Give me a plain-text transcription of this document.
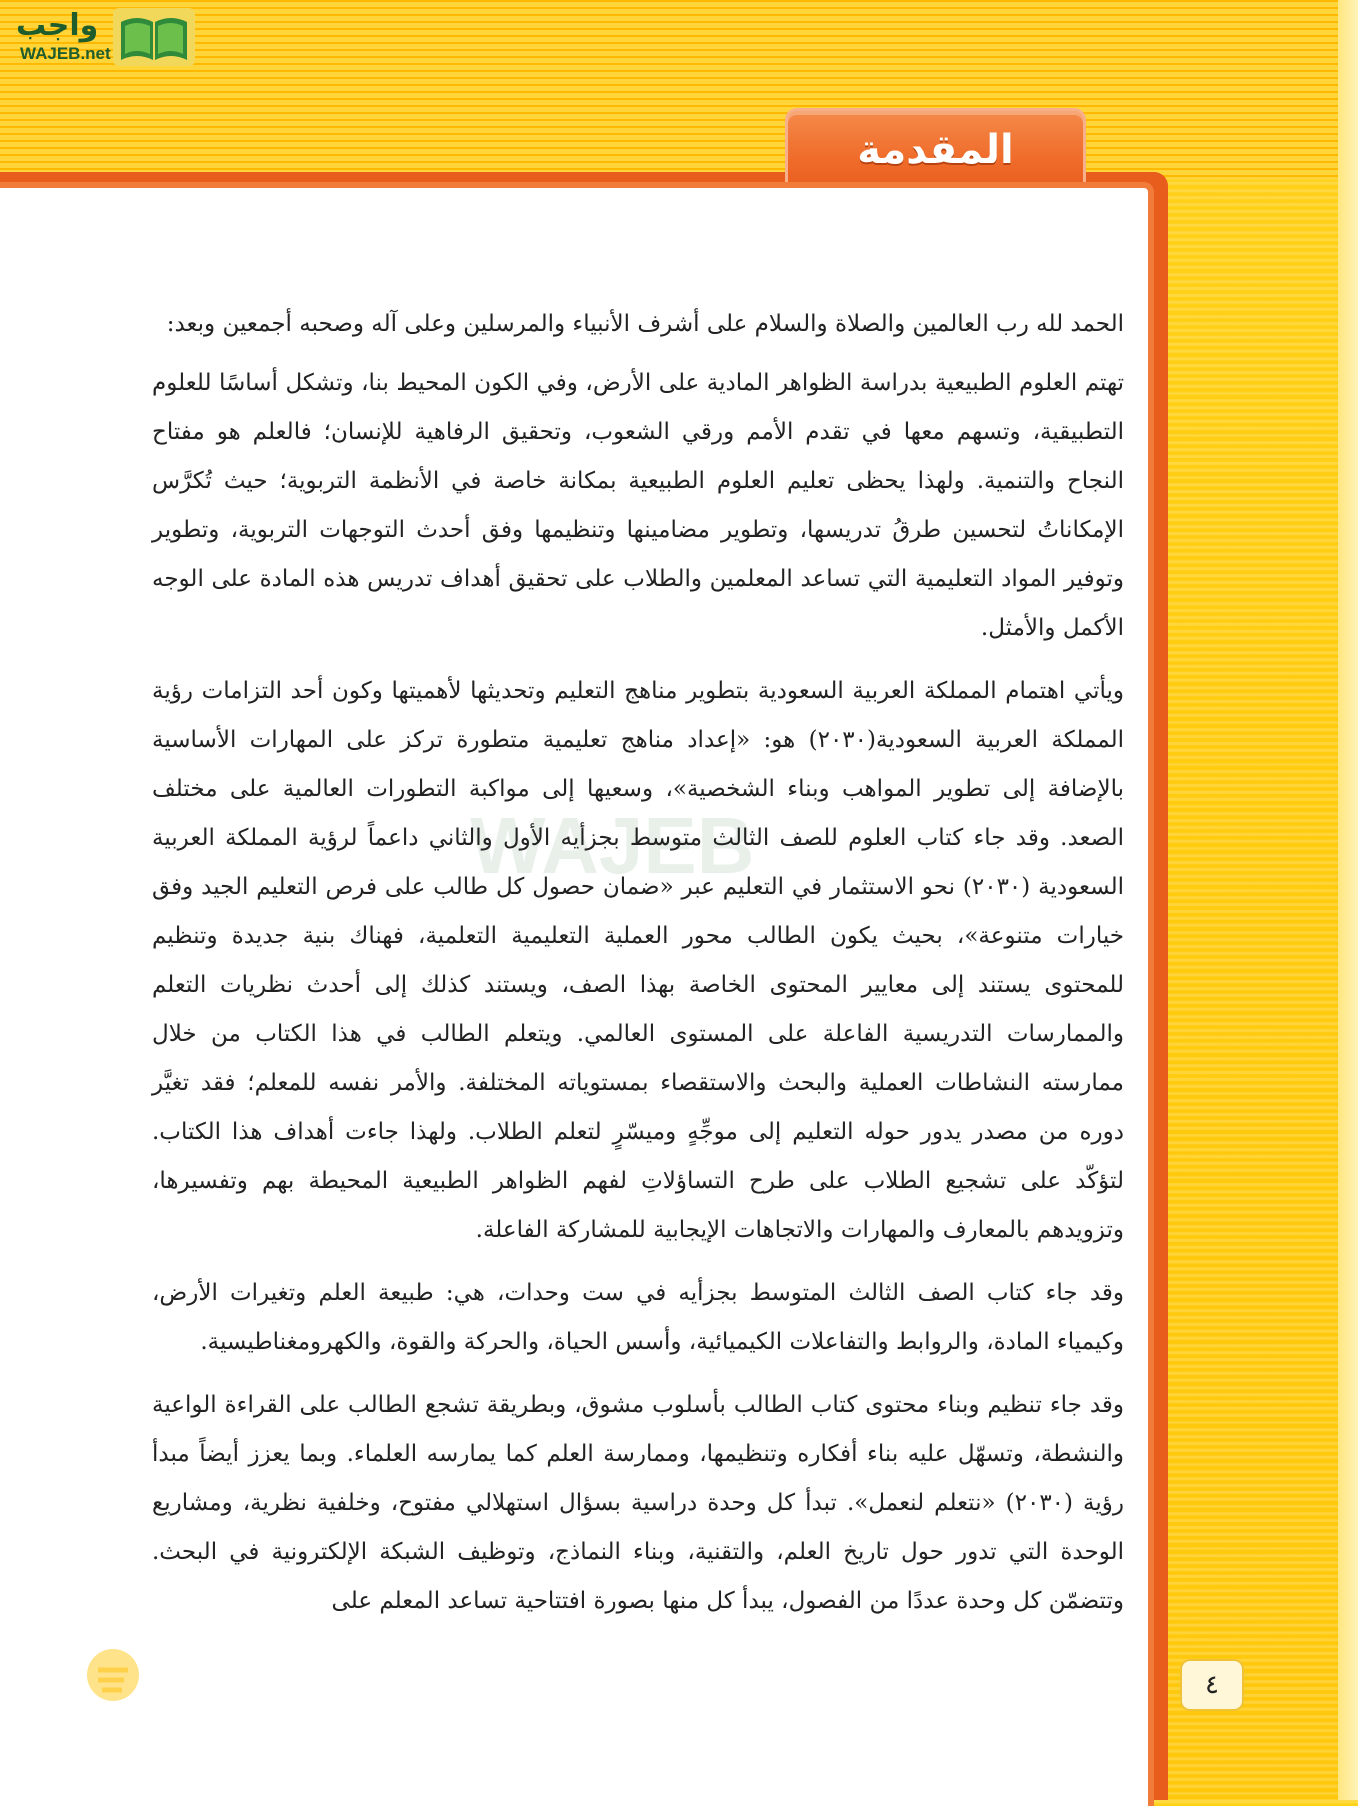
واجب
WAJEB.net
المقدمة

الحمد لله رب العالمين والصلاة والسلام على أشرف الأنبياء والمرسلين وعلى آله وصحبه أجمعين وبعد:

تهتم العلوم الطبيعية بدراسة الظواهر المادية على الأرض، وفي الكون المحيط بنا، وتشكل أساسًا للعلوم التطبيقية، وتسهم معها في تقدم الأمم ورقي الشعوب، وتحقيق الرفاهية للإنسان؛ فالعلم هو مفتاح النجاح والتنمية. ولهذا يحظى تعليم العلوم الطبيعية بمكانة خاصة في الأنظمة التربوية؛ حيث تُكرَّس الإمكاناتُ لتحسين طرقُ تدريسها، وتطوير مضامينها وتنظيمها وفق أحدث التوجهات التربوية، وتطوير وتوفير المواد التعليمية التي تساعد المعلمين والطلاب على تحقيق أهداف تدريس هذه المادة على الوجه الأكمل والأمثل.

ويأتي اهتمام المملكة العربية السعودية بتطوير مناهج التعليم وتحديثها لأهميتها وكون أحد التزامات رؤية المملكة العربية السعودية(٢٠٣٠) هو: «إعداد مناهج تعليمية متطورة تركز على المهارات الأساسية بالإضافة إلى تطوير المواهب وبناء الشخصية»، وسعيها إلى مواكبة التطورات العالمية على مختلف الصعد. وقد جاء كتاب العلوم للصف الثالث متوسط بجزأيه الأول والثاني داعماً لرؤية المملكة العربية السعودية (٢٠٣٠) نحو الاستثمار في التعليم عبر «ضمان حصول كل طالب على فرص التعليم الجيد وفق خيارات متنوعة»، بحيث يكون الطالب محور العملية التعليمية التعلمية، فهناك بنية جديدة وتنظيم للمحتوى يستند إلى معايير المحتوى الخاصة بهذا الصف، ويستند كذلك إلى أحدث نظريات التعلم والممارسات التدريسية الفاعلة على المستوى العالمي. ويتعلم الطالب في هذا الكتاب من خلال ممارسته النشاطات العملية والبحث والاستقصاء بمستوياته المختلفة. والأمر نفسه للمعلم؛ فقد تغيَّر دوره من مصدر يدور حوله التعليم إلى موجِّهٍ وميسّرٍ لتعلم الطلاب. ولهذا جاءت أهداف هذا الكتاب. لتؤكّد على تشجيع الطلاب على طرح التساؤلاتِ لفهم الظواهر الطبيعية المحيطة بهم وتفسيرها، وتزويدهم بالمعارف والمهارات والاتجاهات الإيجابية للمشاركة الفاعلة.

وقد جاء كتاب الصف الثالث المتوسط بجزأيه في ست وحدات، هي: طبيعة العلم وتغيرات الأرض، وكيمياء المادة، والروابط والتفاعلات الكيميائية، وأسس الحياة، والحركة والقوة، والكهرومغناطيسية.

وقد جاء تنظيم وبناء محتوى كتاب الطالب بأسلوب مشوق، وبطريقة تشجع الطالب على القراءة الواعية والنشطة، وتسهّل عليه بناء أفكاره وتنظيمها، وممارسة العلم كما يمارسه العلماء. وبما يعزز أيضاً مبدأ رؤية (٢٠٣٠) «نتعلم لنعمل». تبدأ كل وحدة دراسية بسؤال استهلالي مفتوح، وخلفية نظرية، ومشاريع الوحدة التي تدور حول تاريخ العلم، والتقنية، وبناء النماذج، وتوظيف الشبكة الإلكترونية في البحث. وتتضمّن كل وحدة عددًا من الفصول، يبدأ كل منها بصورة افتتاحية تساعد المعلم على

٤
